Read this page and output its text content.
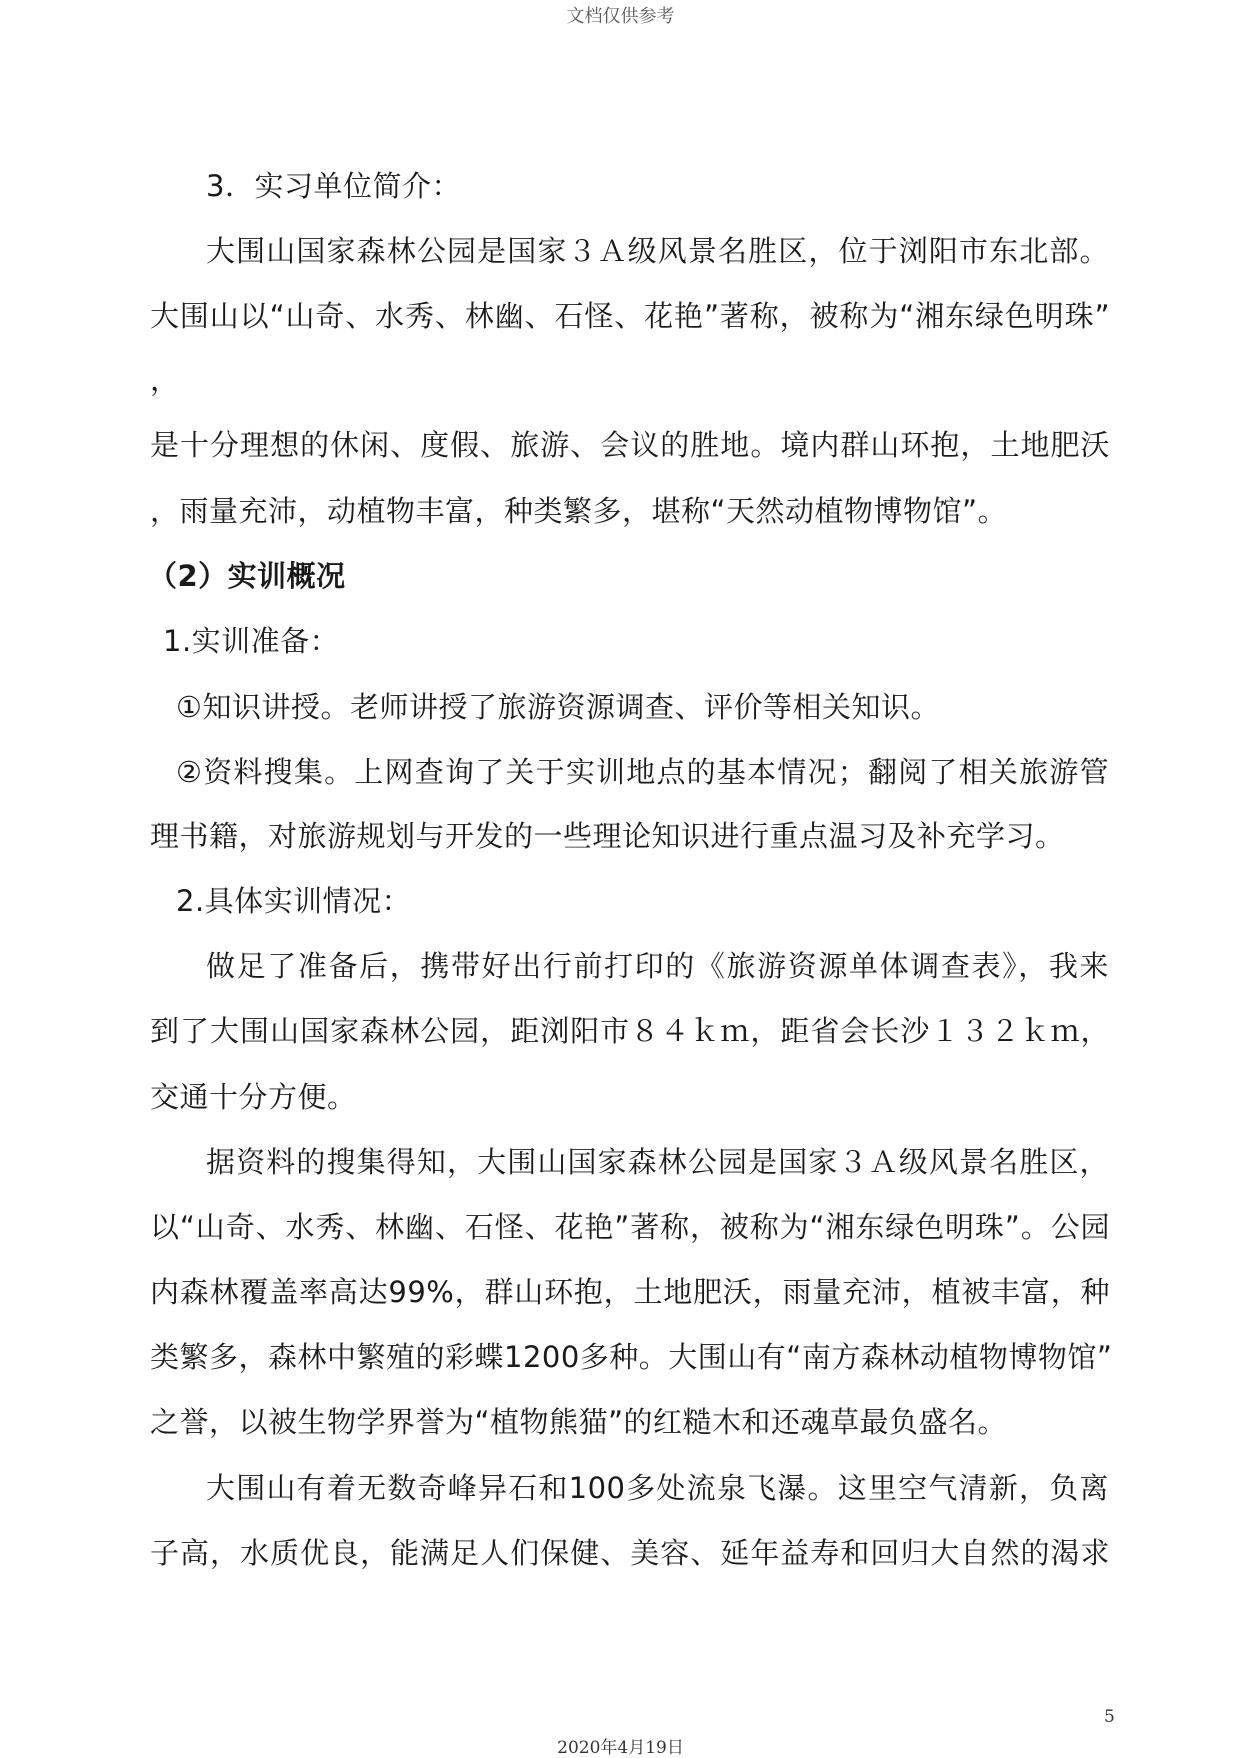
文档仅供参考
3．实习单位简介：
大围山国家森林公园是国家３Ａ级风景名胜区，位于浏阳市东北部。
大围山以“山奇、水秀、林幽、石怪、花艳”著称，被称为“湘东绿色明珠”
，
是十分理想的休闲、度假、旅游、会议的胜地。境内群山环抱，土地肥沃
，雨量充沛，动植物丰富，种类繁多，堪称“天然动植物博物馆”。
（2）实训概况
1.实训准备：
①知识讲授。老师讲授了旅游资源调查、评价等相关知识。
②资料搜集。上网查询了关于实训地点的基本情况；翻阅了相关旅游管
理书籍，对旅游规划与开发的一些理论知识进行重点温习及补充学习。
2.具体实训情况：
做足了准备后，携带好出行前打印的《旅游资源单体调查表》，我来
到了大围山国家森林公园，距浏阳市８４ｋｍ，距省会长沙１３２ｋｍ，
交通十分方便。
据资料的搜集得知，大围山国家森林公园是国家３Ａ级风景名胜区，
以“山奇、水秀、林幽、石怪、花艳”著称，被称为“湘东绿色明珠”。公园
内森林覆盖率高达99%，群山环抱，土地肥沃，雨量充沛，植被丰富，种
类繁多，森林中繁殖的彩蝶1200多种。大围山有“南方森林动植物博物馆”
之誉，以被生物学界誉为“植物熊猫”的红糙木和还魂草最负盛名。
大围山有着无数奇峰异石和100多处流泉飞瀑。这里空气清新，负离
子高，水质优良，能满足人们保健、美容、延年益寿和回归大自然的渴求
5
2020年4月19日
